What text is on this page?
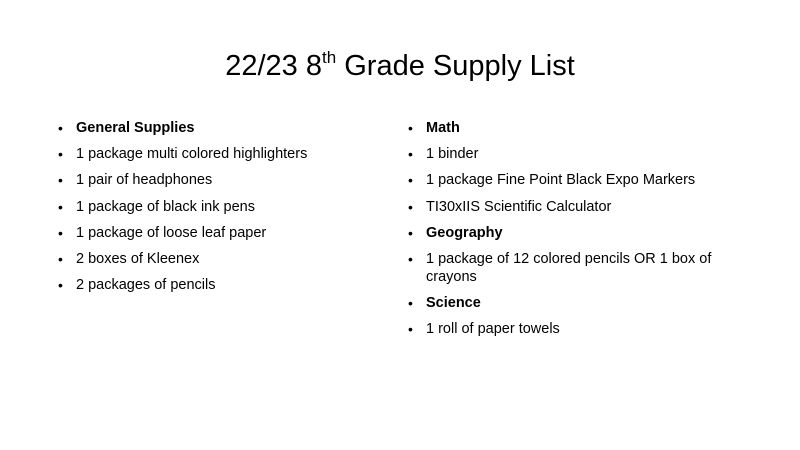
22/23 8th Grade Supply List
• General Supplies
• 1 package multi colored highlighters
• 1 pair of headphones
• 1 package of black ink pens
• 1 package of loose leaf paper
• 2 boxes of Kleenex
• 2 packages of pencils
• Math
• 1 binder
• 1 package Fine Point Black Expo Markers
• TI30xIIS Scientific Calculator
• Geography
• 1 package of 12 colored pencils OR 1 box of crayons
• Science
• 1 roll of paper towels
